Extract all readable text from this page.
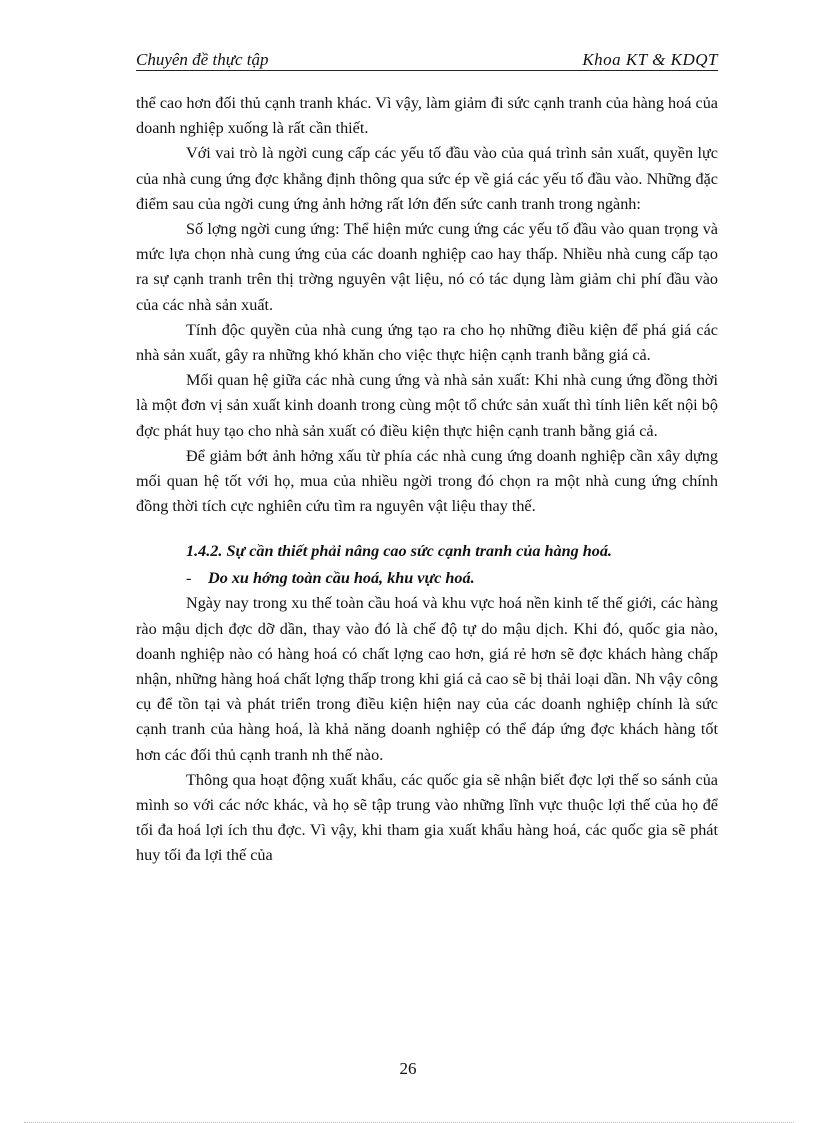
Chuyên đề thực tập	Khoa KT & KDQT

thể cao hơn đối thủ cạnh tranh khác. Vì vậy, làm giảm đi sức cạnh tranh của hàng hoá của doanh nghiệp xuống là rất cần thiết.

Với vai trò là ngời cung cấp các yếu tố đầu vào của quá trình sản xuất, quyền lực của nhà cung ứng đợc khẳng định thông qua sức ép về giá các yếu tố đầu vào. Những đặc điểm sau của ngời cung ứng ảnh hởng rất lớn đến sức canh tranh trong ngành:

Số lợng ngời cung ứng: Thể hiện mức cung ứng các yếu tố đầu vào quan trọng và mức lựa chọn nhà cung ứng của các doanh nghiệp cao hay thấp. Nhiều nhà cung cấp tạo ra sự cạnh tranh trên thị trờng nguyên vật liệu, nó có tác dụng làm giảm chi phí đầu vào của các nhà sản xuất.

Tính độc quyền của nhà cung ứng tạo ra cho họ những điều kiện để phá giá các nhà sản xuất, gây ra những khó khăn cho việc thực hiện cạnh tranh bằng giá cả.

Mối quan hệ giữa các nhà cung ứng và nhà sản xuất: Khi nhà cung ứng đồng thời là một đơn vị sản xuất kinh doanh trong cùng một tổ chức sản xuất thì tính liên kết nội bộ đợc phát huy tạo cho nhà sản xuất có điều kiện thực hiện cạnh tranh bằng giá cả.

Để giảm bớt ảnh hởng xấu từ phía các nhà cung ứng doanh nghiệp cần xây dựng mối quan hệ tốt với họ, mua của nhiều ngời trong đó chọn ra một nhà cung ứng chính đồng thời tích cực nghiên cứu tìm ra nguyên vật liệu thay thế.

1.4.2. Sự cần thiết phải nâng cao sức cạnh tranh của hàng hoá.

- Do xu hớng toàn cầu hoá, khu vực hoá.

Ngày nay trong xu thế toàn cầu hoá và khu vực hoá nền kinh tế thế giới, các hàng rào mậu dịch đợc dỡ dần, thay vào đó là chế độ tự do mậu dịch. Khi đó, quốc gia nào, doanh nghiệp nào có hàng hoá có chất lợng cao hơn, giá rẻ hơn sẽ đợc khách hàng chấp nhận, những hàng hoá chất lợng thấp trong khi giá cả cao sẽ bị thải loại dần. Nh vậy công cụ để tồn tại và phát triển trong điều kiện hiện nay của các doanh nghiệp chính là sức cạnh tranh của hàng hoá, là khả năng doanh nghiệp có thể đáp ứng đợc khách hàng tốt hơn các đối thủ cạnh tranh nh thế nào.

Thông qua hoạt động xuất khẩu, các quốc gia sẽ nhận biết đợc lợi thế so sánh của mình so với các nớc khác, và họ sẽ tập trung vào những lĩnh vực thuộc lợi thế của họ để tối đa hoá lợi ích thu đợc. Vì vậy, khi tham gia xuất khẩu hàng hoá, các quốc gia sẽ phát huy tối đa lợi thế của

26
